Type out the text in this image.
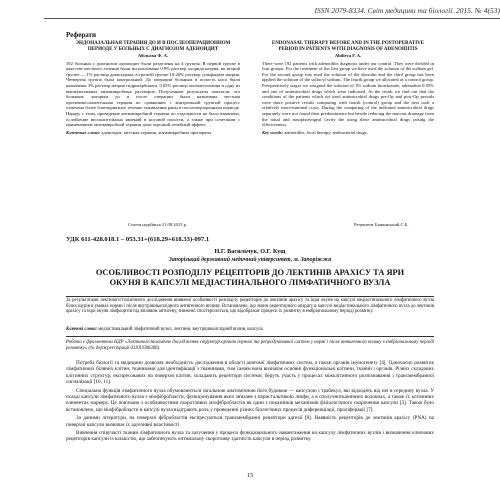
ISSN 2079-8334. Світ медицини та біології. 2015. № 4(53)
Реферати
ЭНДОНАЗАЛЬНАЯ ТЕРАПИЯ ДО И В ПОСЛЕОПЕРАЦИОННОМ ПЕРИОДЕ У БОЛЬНЫХ С ДИАГНОЗОМ АДЕНОИДИТ
Абільєва Ф. А.
192 больных с диагнозом аденоидит были разделены на 4 группы. В первой группе в качестве местного лечения были использованы 0,9% раствор хлорида натрия, во второй группе — 1% раствор диоксидина, в третьей группе 10-20% раствор сульфацила натрия. Четвертая группа была контрольной. До операции больным в полость носа были назначены 3% раствор натрия гидрокарбоната, 0,05% раствор оксиметазолина и одну из вышеуказанных антимикробных растворов. Полученные результаты показали, что больным, которым до и после операции были назначены местная противовоспалительная терапия по сравнению с контрольной группой процесс отмечена более благоприятное течение заживления раны в послеоперационном периоде. Наряду с этим, проведение антимикробной терапии по отдельности не было выявлено, ослабление воспалительных явлений в носовой полости, а также при сочетании с применением антимикробной терапии дали хороший лечебный эффект.
Ключевые слова: аденоидит, местная терапия, антимикробные препараты.
ENDONASAL THERAPY BEFORE AND IN THE POSTOPERATIVE PERIOD IN PATIENTS WITH DIAGNOSIS OF ADENOIDITIS
Abilieva F. A.
There were 192 patients with adenoiditis diagnosis under our control. They were divided in four groups. For the treatment of the first group we have used the solution of the sodium gel. For the second group was used the solution of the dioxidin and the third group has been applied the solution of the sulfacyl sodium. The fourth group we allocated as a control group. Preoperatively stages we assigned the solution of 3% sodium bicarbonate, adrenaline 0.05% and one of antimicrobial drugs which were indicated. At the result we find out that the conditions of the patients which we used antimicrobial drugs pre-Op and post-Op periods were more positive results comparing with fourth (control) group and the nest took a relatively more-minimal costs. During the comparing of the indicated antimicrobial drugs separately were not found their predominance but beside reducing the mucous drainage from the nasal and nasopharyngeal cavity the using these antimicrobial drugs raising the effectiveness.
Key words: adenoiditis, local therapy, antibacterial drugs.
Стаття надійшла 21.08.2015 р.	Рецензент Башинський С.Б.
УДК 611-428.018.1 – 053.31+(618.29+618.33)-097.1
Н.Г. Васильчук, О.Г. Кущ
Запорізький державний медичний університет, м. Запоріжжя
ОСОБЛИВОСТІ РОЗПОДІЛУ РЕЦЕПТОРІВ ДО ЛЕКТИНІВ АРАХІСУ ТА ЯРИ ОКУНЯ В КАПСУЛІ МЕДІАСТИНАЛЬНОГО ЛІМФАТИЧНОГО ВУЗЛА
За результатами лектиногістохімічного дослідження виявлені особливості розподілу рецепторів до лектинів арахісу та ікри окуня на капсулі медіастинального лімфатичного вузла білих щурів в умовах норми і після внутрішньоплідного антигенного впливу. Встановлено, що зміни рецепторного апарату в капсулі медіастинального лімфатичного вузла до лектинів арахісу та ікри окуня лімфоцитів під впливом антигену, знижено спостерігається, що відображає процеси їх розвитку в ембріональному періоді розвитку.
Ключові слова: медіастинальний лімфатичний вузол, лектини, внутрішньоплідний вплив, капсула.
Робота є фрагментом НДР «Лектиногістохімічне дослідження структур органів імунної та репродуктивної систем у нормі і після антигенного впливу в ембріональному періоді розвитку» (№ держреєстрації 0110U006306).

Потреба біології та медицини дозволяє необхідність дослідження в області анатомії лімфатичних систем, а також органів імуногенезу [4]. Одночасно розвиток лімфатичних біляних клітин, тканинами для ідентифікації з тканинами, тим самим вона визначає основні функціональні клітини, тканин і органів. Різних складових клітинних структур, експресованих на поверхні клітин, складають рецептори системи, беруть участь у процесах міжклітинного розпізнавання і трансмембранної сигналізації [10, 11].

Спеціальна функція лімфатичного вузла обумовлюється загальною анатомічною його будовою — капсулою і трабекул, які відходять від неї в середину вузла. У складі капсули лімфатичного вузла є міофібробласти, функціонування яких зв'язане з перистальтикою лімфи, а в сполучнотканинних волокнах, а також їх клітинних елементах маркеру. Це пов'язано з особливостями скоротливих міофібробластів як один з показників механізмів фізіологічного скорочення капсули [3]. Також було встановлено, що міофібробласти в капсулі вузла відіграють роль у проведенні різних біологічних процесів диференціації, проліферації [7].

За даними літератури, на поверхні фібробластів експресуються трансмембранні рецептори адгезії [8]. Наявність рецепторів до лектинів арахісу (PNA) на поверхні капсули визначає їх адгезивні властивості.

Вивчення співучасті тканин лімфатичного вузла та залучення у процеси функціонального навантаження на капсулу лімфатичних вузлів і визначення ключових рецепторів капсули із кількістю, що забезпечують оптимальну скоротливу здатність капсули в період розвитку.

15
